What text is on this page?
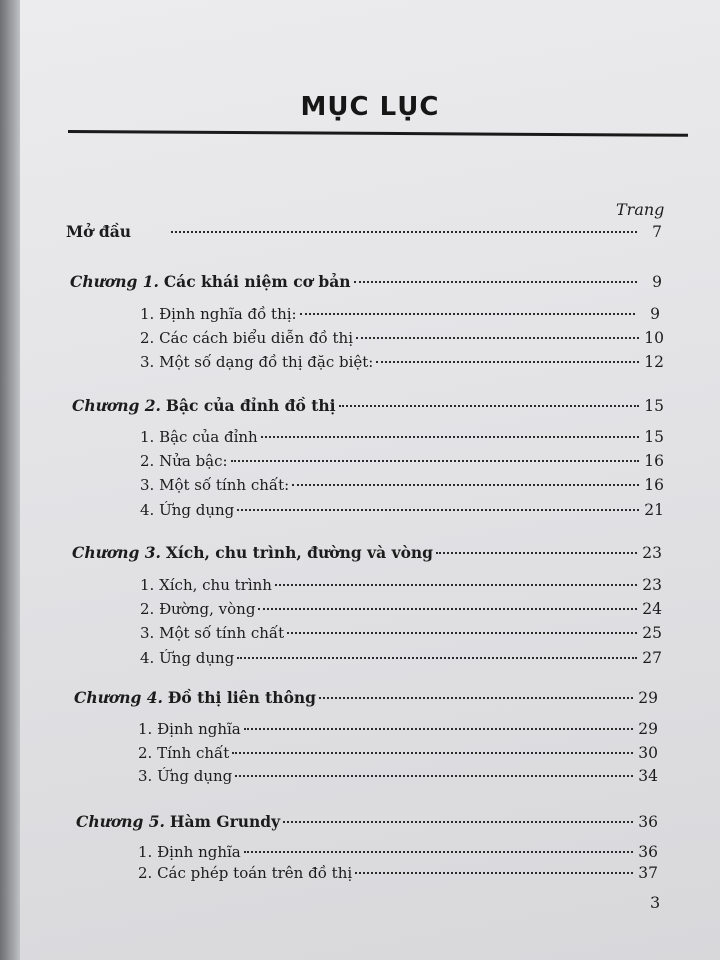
MỤC LỤC
Trang
Mở đầu	7
Chương 1. Các khái niệm cơ bản	9
1. Định nghĩa đồ thị:	9
2. Các cách biểu diễn đồ thị	10
3. Một số dạng đồ thị đặc biệt:	12
Chương 2. Bậc của đỉnh đồ thị	15
1. Bậc của đỉnh	15
2. Nửa bậc:	16
3. Một số tính chất:	16
4. Ứng dụng	21
Chương 3. Xích, chu trình, đường và vòng	23
1. Xích, chu trình	23
2. Đường, vòng	24
3. Một số tính chất	25
4. Ứng dụng	27
Chương 4. Đồ thị liên thông	29
1. Định nghĩa	29
2. Tính chất	30
3. Ứng dụng	34
Chương 5. Hàm Grundy	36
1. Định nghĩa	36
2. Các phép toán trên đồ thị	37
3
